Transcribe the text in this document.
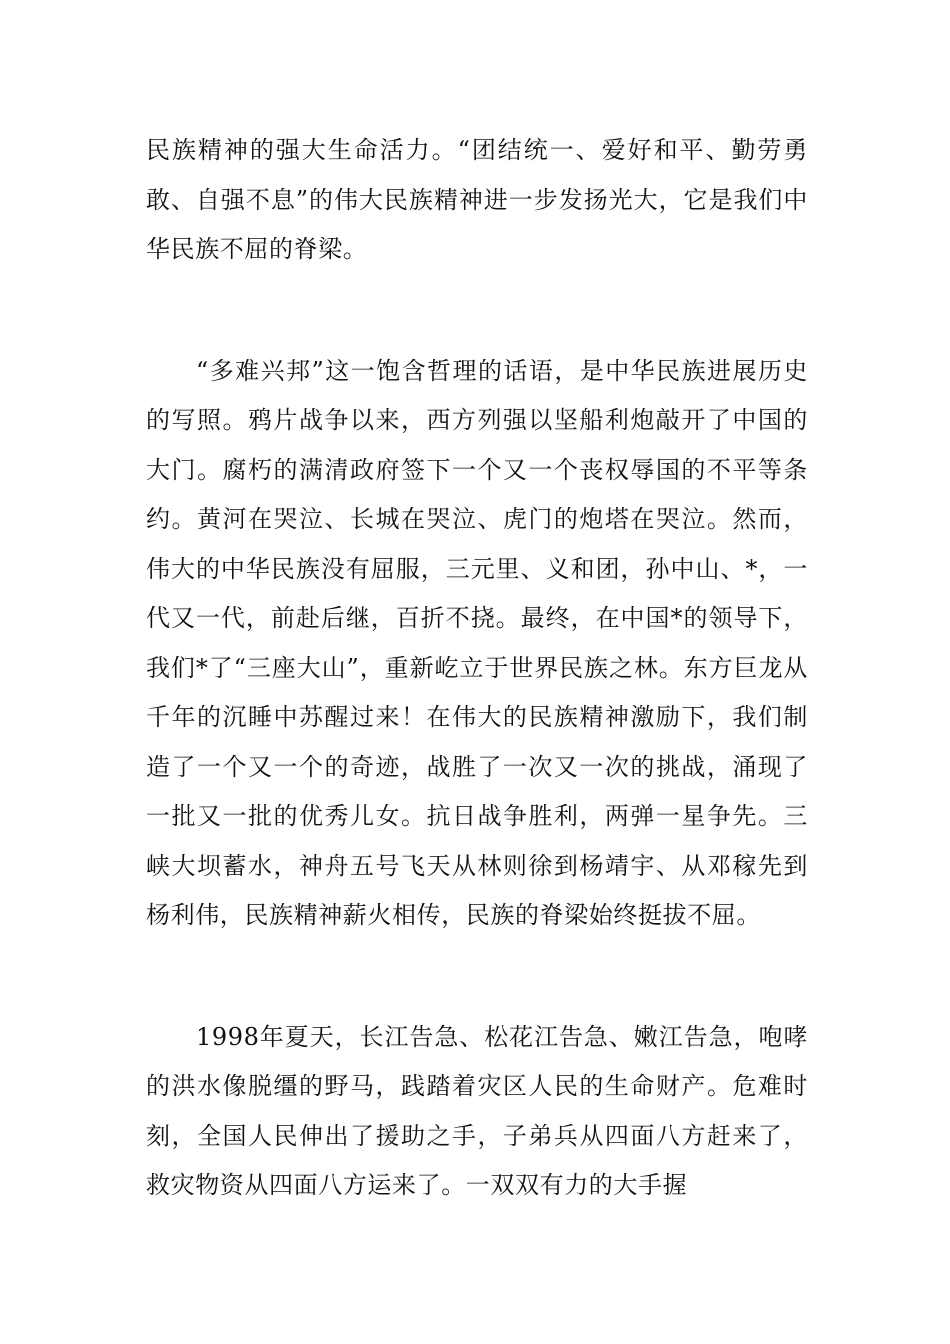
民族精神的强大生命活力。“团结统一、爱好和平、勤劳勇敢、自强不息”的伟大民族精神进一步发扬光大，它是我们中华民族不屈的脊梁。

“多难兴邦”这一饱含哲理的话语，是中华民族进展历史的写照。鸦片战争以来，西方列强以坚船利炮敲开了中国的大门。腐朽的满清政府签下一个又一个丧权辱国的不平等条约。黄河在哭泣、长城在哭泣、虎门的炮塔在哭泣。然而，伟大的中华民族没有屈服，三元里、义和团，孙中山、*，一代又一代，前赴后继，百折不挠。最终，在中国*的领导下，我们*了“三座大山”，重新屹立于世界民族之林。东方巨龙从千年的沉睡中苏醒过来！在伟大的民族精神激励下，我们制造了一个又一个的奇迹，战胜了一次又一次的挑战，涌现了一批又一批的优秀儿女。抗日战争胜利，两弹一星争先。三峡大坝蓄水，神舟五号飞天从林则徐到杨靖宇、从邓稼先到杨利伟，民族精神薪火相传，民族的脊梁始终挺拔不屈。

1998年夏天，长江告急、松花江告急、嫩江告急，咆哮的洪水像脱缰的野马，践踏着灾区人民的生命财产。危难时刻，全国人民伸出了援助之手，子弟兵从四面八方赶来了，救灾物资从四面八方运来了。一双双有力的大手握
